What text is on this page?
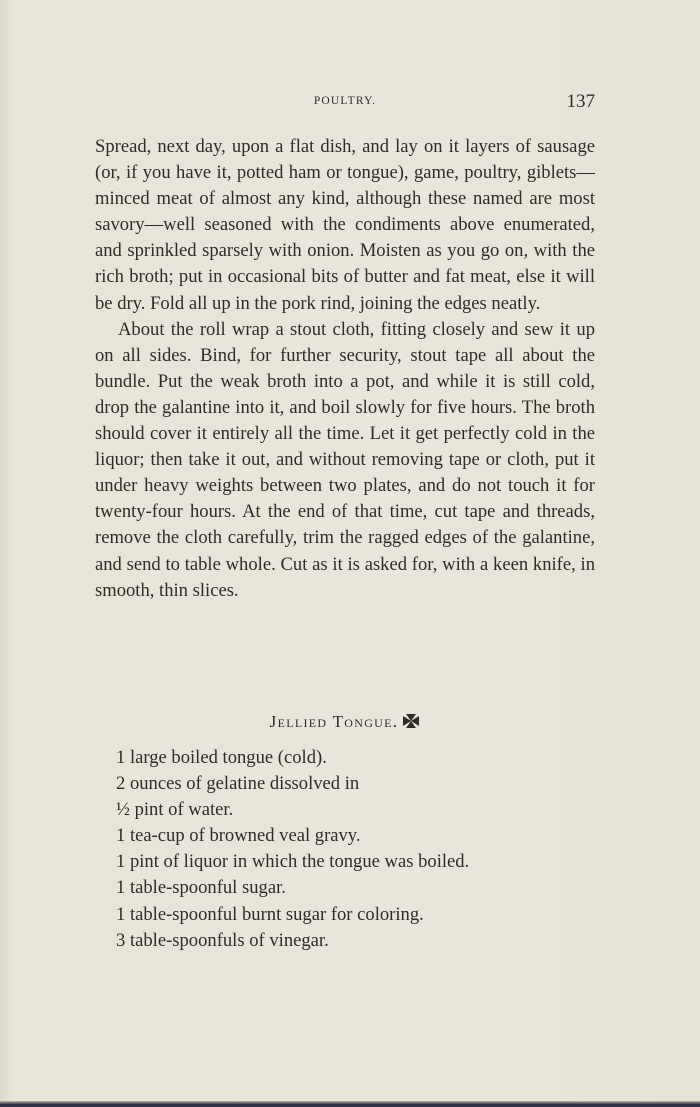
POULTRY.	137

Spread, next day, upon a flat dish, and lay on it layers of sausage (or, if you have it, potted ham or tongue), game, poultry, giblets—minced meat of almost any kind, although these named are most savory—well seasoned with the condiments above enumerated, and sprinkled sparsely with onion. Moisten as you go on, with the rich broth; put in occasional bits of butter and fat meat, else it will be dry. Fold all up in the pork rind, joining the edges neatly.

About the roll wrap a stout cloth, fitting closely and sew it up on all sides. Bind, for further security, stout tape all about the bundle. Put the weak broth into a pot, and while it is still cold, drop the galantine into it, and boil slowly for five hours. The broth should cover it entirely all the time. Let it get perfectly cold in the liquor; then take it out, and without removing tape or cloth, put it under heavy weights between two plates, and do not touch it for twenty-four hours. At the end of that time, cut tape and threads, remove the cloth carefully, trim the ragged edges of the galantine, and send to table whole. Cut as it is asked for, with a keen knife, in smooth, thin slices.

Jellied Tongue.
1 large boiled tongue (cold).
2 ounces of gelatine dissolved in
½ pint of water.
1 tea-cup of browned veal gravy.
1 pint of liquor in which the tongue was boiled.
1 table-spoonful sugar.
1 table-spoonful burnt sugar for coloring.
3 table-spoonfuls of vinegar.
